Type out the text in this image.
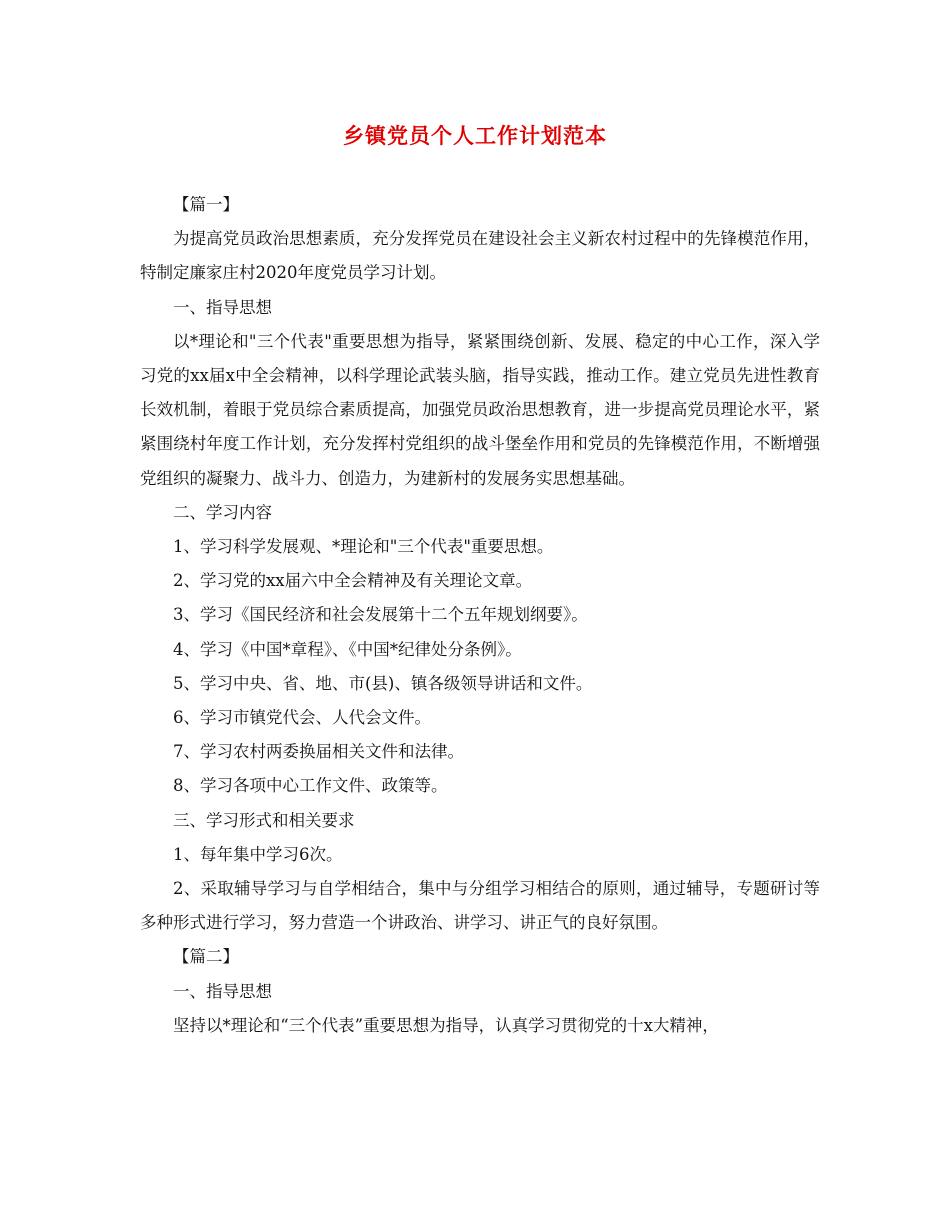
乡镇党员个人工作计划范本

【篇一】

为提高党员政治思想素质，充分发挥党员在建设社会主义新农村过程中的先锋模范作用，特制定廉家庄村2020年度党员学习计划。

一、指导思想

以*理论和"三个代表"重要思想为指导，紧紧围绕创新、发展、稳定的中心工作，深入学习党的xx届x中全会精神，以科学理论武装头脑，指导实践，推动工作。建立党员先进性教育长效机制，着眼于党员综合素质提高，加强党员政治思想教育，进一步提高党员理论水平，紧紧围绕村年度工作计划，充分发挥村党组织的战斗堡垒作用和党员的先锋模范作用，不断增强党组织的凝聚力、战斗力、创造力，为建新村的发展务实思想基础。

二、学习内容

1、学习科学发展观、*理论和"三个代表"重要思想。

2、学习党的xx届六中全会精神及有关理论文章。

3、学习《国民经济和社会发展第十二个五年规划纲要》。

4、学习《中国*章程》、《中国*纪律处分条例》。

5、学习中央、省、地、市(县)、镇各级领导讲话和文件。

6、学习市镇党代会、人代会文件。

7、学习农村两委换届相关文件和法律。

8、学习各项中心工作文件、政策等。

三、学习形式和相关要求

1、每年集中学习6次。

2、采取辅导学习与自学相结合，集中与分组学习相结合的原则，通过辅导，专题研讨等多种形式进行学习，努力营造一个讲政治、讲学习、讲正气的良好氛围。

【篇二】

一、指导思想

坚持以*理论和“三个代表”重要思想为指导，认真学习贯彻党的十x大精神，
